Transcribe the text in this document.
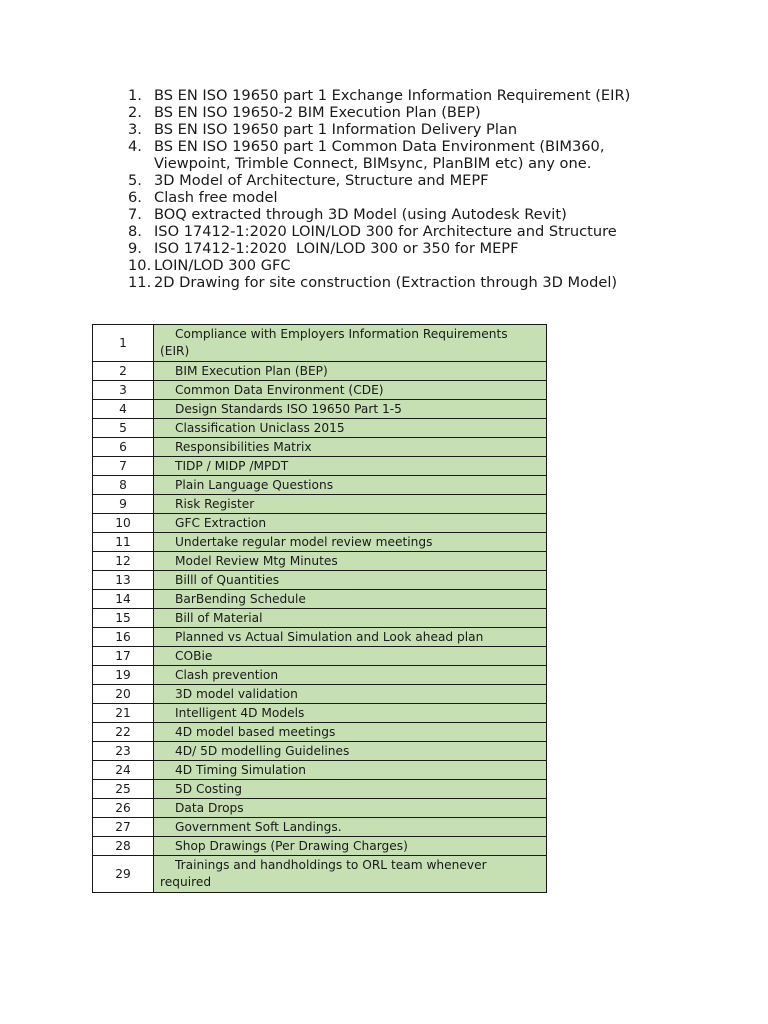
1. BS EN ISO 19650 part 1 Exchange Information Requirement (EIR)
2. BS EN ISO 19650-2 BIM Execution Plan (BEP)
3. BS EN ISO 19650 part 1 Information Delivery Plan
4. BS EN ISO 19650 part 1 Common Data Environment (BIM360, Viewpoint, Trimble Connect, BIMsync, PlanBIM etc) any one.
5. 3D Model of Architecture, Structure and MEPF
6. Clash free model
7. BOQ extracted through 3D Model (using Autodesk Revit)
8. ISO 17412-1:2020 LOIN/LOD 300 for Architecture and Structure
9. ISO 17412-1:2020  LOIN/LOD 300 or 350 for MEPF
10. LOIN/LOD 300 GFC
11. 2D Drawing for site construction (Extraction through 3D Model)
1	Compliance with Employers Information Requirements (EIR)
2	BIM Execution Plan (BEP)
3	Common Data Environment (CDE)
4	Design Standards ISO 19650 Part 1-5
5	Classification Uniclass 2015
6	Responsibilities Matrix
7	TIDP / MIDP /MPDT
8	Plain Language Questions
9	Risk Register
10	GFC Extraction
11	Undertake regular model review meetings
12	Model Review Mtg Minutes
13	Billl of Quantities
14	BarBending Schedule
15	Bill of Material
16	Planned vs Actual Simulation and Look ahead plan
17	COBie
19	Clash prevention
20	3D model validation
21	Intelligent 4D Models
22	4D model based meetings
23	4D/ 5D modelling Guidelines
24	4D Timing Simulation
25	5D Costing
26	Data Drops
27	Government Soft Landings.
28	Shop Drawings (Per Drawing Charges)
29	Trainings and handholdings to ORL team whenever required
